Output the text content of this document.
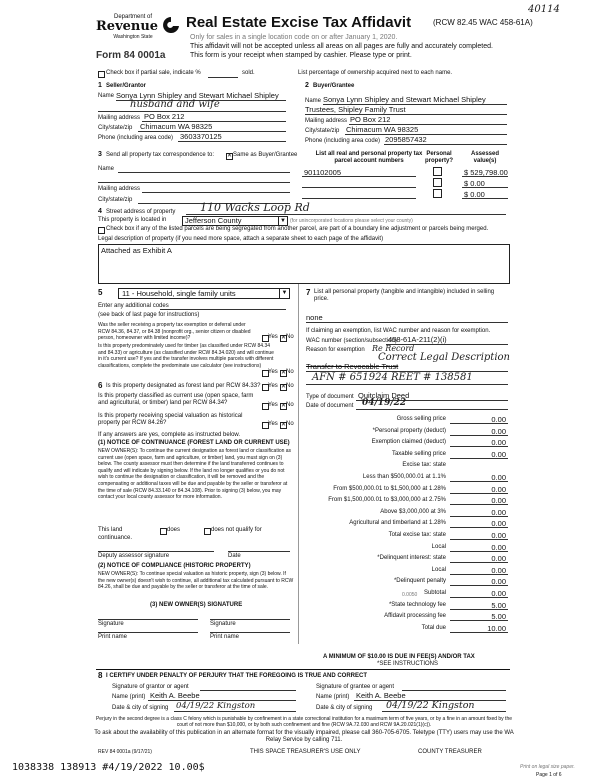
40114
Department of
Revenue
Washington State
Form 84 0001a
Real Estate Excise Tax Affidavit	(RCW 82.45 WAC 458-61A)
Only for sales in a single location code on or after January 1, 2020.
This affidavit will not be accepted unless all areas on all pages are fully and accurately completed.
This form is your receipt when stamped by cashier. Please type or print.
Check box if partial sale, indicate %	sold.	List percentage of ownership acquired next to each name.
1 Seller/Grantor
Name Sonya Lynn Shipley and Stewart Michael Shipley
husband and wife
Mailing address PO Box 212
City/state/zip Chimacum WA 98325
Phone (including area code) 3603370125
2 Buyer/Grantee
Name Sonya Lynn Shipley and Stewart Michael Shipley
Trustees, Shipley Family Trust
Mailing address PO Box 212
City/state/zip Chimacum WA 98325
Phone (including area code) 2095857432
3 Send all property tax correspondence to: ✕	Same as Buyer/Grantee
Name
Mailing address
City/state/zip
List all real and personal property tax parcel account numbers
Personal property?
Assessed value(s)
901102005	$ 529,798.00
$ 0.00
$ 0.00
4 Street address of property 110 Wacks Loop Rd
This property is located in Jefferson County	▼ (for unincorporated locations please select your county)
Check box if any of the listed parcels are being segregated from another parcel, are part of a boundary line adjustment or parcels being merged.
Legal description of property (if you need more space, attach a separate sheet to each page of the affidavit)
Attached as Exhibit A
5	11 - Household, single family units	▼
Enter any additional codes
(see back of last page for instructions)
Was the seller receiving a property tax exemption or deferral under RCW 84.36, 84.37, or 84.38 (nonprofit org., senior citizen or disabled person, homeowner with limited income)?	Yes ✕ No
Is this property predominately used for timber (as classified under RCW 84.34 and 84.33) or agriculture (as classified under RCW 84.34.020) and will continue in it's current use? If yes and the transfer involves multiple parcels with different classifications, complete the predominate use calculator (see instructions)
Yes ✕ No
6 Is this property designated as forest land per RCW 84.33? Yes ✕ No
Is this property classified as current use (open space, farm and agricultural, or timber) land per RCW 84.34?	Yes ✕ No
Is this property receiving special valuation as historical property per RCW 84.26?	Yes ✕ No
If any answers are yes, complete as instructed below.
(1) NOTICE OF CONTINUANCE (FOREST LAND OR CURRENT USE)
NEW OWNER(S): To continue the current designation as forest land or classification as current use (open space, farm and agriculture, or timber) land, you must sign on (3) below. The county assessor must then determine if the land transferred continues to qualify and will indicate by signing below. If the land no longer qualifies or you do not wish to continue the designation or classification, it will be removed and the compensating or additional taxes will be due and payable by the seller or transferor at the time of sale (RCW 84.33.140 or 84.34.108). Prior to signing (3) below, you may contact your local county assessor for more information.
This land	does	does not qualify for
continuance.
Deputy assessor signature	Date
(2) NOTICE OF COMPLIANCE (HISTORIC PROPERTY)
NEW OWNER(S): To continue special valuation as historic property, sign (3) below. If the new owner(s) doesn't wish to continue, all additional tax calculated pursuant to RCW 84.26, shall be due and payable by the seller or transferor at the time of sale.
(3) NEW OWNER(S) SIGNATURE
Signature	Signature
Print name	Print name
7 List all personal property (tangible and intangible) included in selling price.
none
If claiming an exemption, list WAC number and reason for exemption.
WAC number (section/subsection)
458-61A-211(2)(i)
Reason for exemption Re Record
Correct Legal Description
Transfer to Revocable Trust
AFN # 651924 REET # 138581
Type of document Quitclaim Deed
Date of document 04/19/22
Gross selling price	0.00
*Personal property (deduct)	0.00
Exemption claimed (deduct)	0.00
Taxable selling price	0.00
Excise tax: state
Less than $500,000.01 at 1.1%	0.00
From $500,000.01 to $1,500,000 at 1.28%	0.00
From $1,500,000.01 to $3,000,000 at 2.75%	0.00
Above $3,000,000 at 3%	0.00
Agricultural and timberland at 1.28%	0.00
Total excise tax: state	0.00
Local	0.00
*Delinquent interest: state	0.00
Local	0.00
*Delinquent penalty	0.00
Subtotal	0.00
*State technology fee	5.00
Affidavit processing fee	5.00
Total due	10.00
0.0050
A MINIMUM OF $10.00 IS DUE IN FEE(S) AND/OR TAX
*SEE INSTRUCTIONS
8 I CERTIFY UNDER PENALTY OF PERJURY THAT THE FOREGOING IS TRUE AND CORRECT
Signature of grantor or agent	Signature of grantee or agent
Name (print) Keith A. Beebe	Name (print) Keith A. Beebe
Date & city of signing 04/19/22 Kingston	Date & city of signing 04/19/22 Kingston
Perjury in the second degree is a class C felony which is punishable by confinement in a state correctional institution for a maximum term of five years, or by a fine in an amount fixed by the court of not more than $10,000, or by both such confinement and fine (RCW 9A.72.030 and RCW 9A.20.021(1)(c)).
To ask about the availability of this publication in an alternate format for the visually impaired, please call 360-705-6705. Teletype (TTY) users may use the WA Relay Service by calling 711.
REV 84 0001a (9/17/21)	THIS SPACE TREASURER'S USE ONLY	COUNTY TREASURER
1038338 138913 #4/19/2022 10.00$	Print on legal size paper.
Page 1 of 6
